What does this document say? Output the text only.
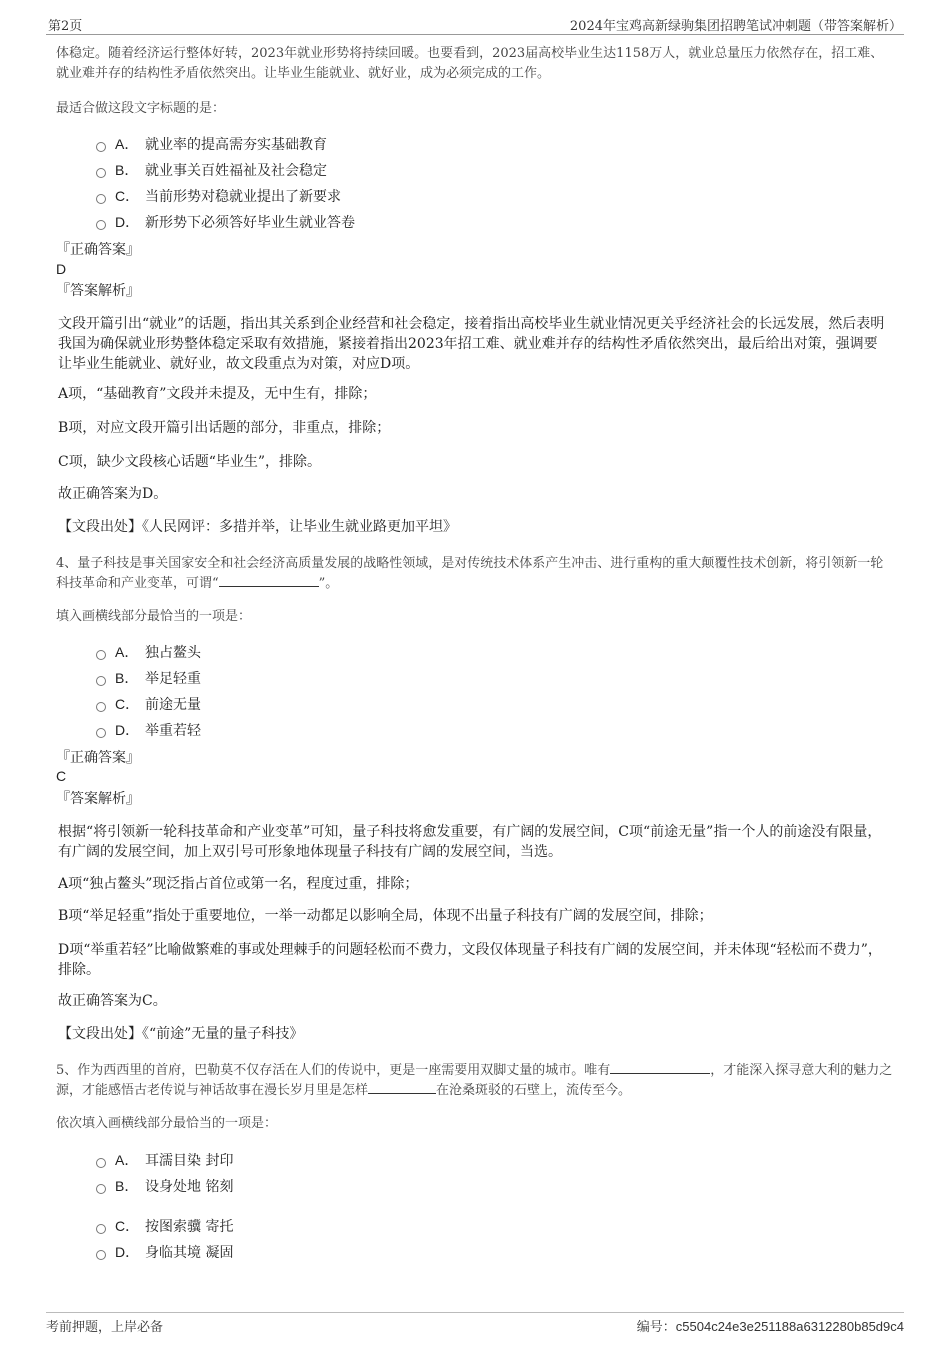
第2页	2024年宝鸡高新绿驹集团招聘笔试冲刺题（带答案解析）
体稳定。随着经济运行整体好转，2023年就业形势将持续回暖。也要看到，2023届高校毕业生达1158万人，就业总量压力依然存在，招工难、就业难并存的结构性矛盾依然突出。让毕业生能就业、就好业，成为必须完成的工作。
最适合做这段文字标题的是：
A． 就业率的提高需夯实基础教育
B． 就业事关百姓福祉及社会稳定
C． 当前形势对稳就业提出了新要求
D． 新形势下必须答好毕业生就业答卷
『正确答案』
D
『答案解析』
文段开篇引出“就业”的话题，指出其关系到企业经营和社会稳定，接着指出高校毕业生就业情况更关乎经济社会的长远发展，然后表明我国为确保就业形势整体稳定采取有效措施，紧接着指出2023年招工难、就业难并存的结构性矛盾依然突出，最后给出对策，强调要让毕业生能就业、就好业，故文段重点为对策，对应D项。
A项，“基础教育”文段并未提及，无中生有，排除；
B项，对应文段开篇引出话题的部分，非重点，排除；
C项，缺少文段核心话题“毕业生”，排除。
故正确答案为D。
【文段出处】《人民网评：多措并举，让毕业生就业路更加平坦》
4、量子科技是事关国家安全和社会经济高质量发展的战略性领域，是对传统技术体系产生冲击、进行重构的重大颠覆性技术创新，将引领新一轮科技革命和产业变革，可谓“	”。
填入画横线部分最恰当的一项是：
A． 独占鳌头
B． 举足轻重
C． 前途无量
D． 举重若轻
『正确答案』
C
『答案解析』
根据“将引领新一轮科技革命和产业变革”可知，量子科技将愈发重要，有广阔的发展空间，C项“前途无量”指一个人的前途没有限量，有广阔的发展空间，加上双引号可形象地体现量子科技有广阔的发展空间，当选。
A项“独占鳌头”现泛指占首位或第一名，程度过重，排除；
B项“举足轻重”指处于重要地位，一举一动都足以影响全局，体现不出量子科技有广阔的发展空间，排除；
D项“举重若轻”比喻做繁难的事或处理棘手的问题轻松而不费力，文段仅体现量子科技有广阔的发展空间，并未体现“轻松而不费力”，排除。
故正确答案为C。
【文段出处】《“前途”无量的量子科技》
5、作为西西里的首府，巴勒莫不仅存活在人们的传说中，更是一座需要用双脚丈量的城市。唯有	，才能深入探寻意大利的魅力之源，才能感悟古老传说与神话故事在漫长岁月里是怎样	在沧桑斑驳的石壁上，流传至今。
依次填入画横线部分最恰当的一项是：
A． 耳濡目染 封印
B． 设身处地 铭刻
C． 按图索骥 寄托
D． 身临其境 凝固
考前押题，上岸必备	编号：c5504c24e3e251188a6312280b85d9c4
